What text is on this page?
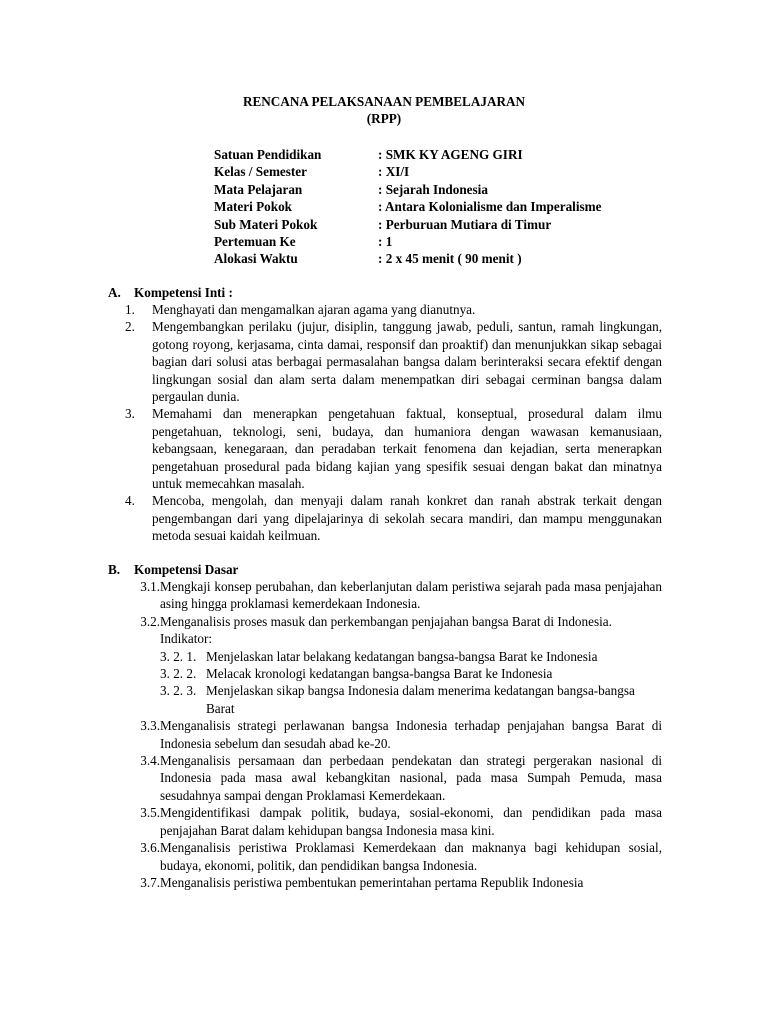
RENCANA PELAKSANAAN PEMBELAJARAN
(RPP)
Satuan Pendidikan	: SMK KY AGENG GIRI
Kelas / Semester	: XI/I
Mata Pelajaran	: Sejarah Indonesia
Materi Pokok	: Antara Kolonialisme dan Imperalisme
Sub Materi Pokok	: Perburuan Mutiara di Timur
Pertemuan Ke	: 1
Alokasi Waktu	: 2 x 45 menit ( 90 menit )
A. Kompetensi Inti :
1.	Menghayati dan mengamalkan ajaran agama yang dianutnya.
2.	Mengembangkan perilaku (jujur, disiplin, tanggung jawab, peduli, santun, ramah lingkungan, gotong royong, kerjasama, cinta damai, responsif dan proaktif) dan menunjukkan sikap sebagai bagian dari solusi atas berbagai permasalahan bangsa dalam berinteraksi secara efektif dengan lingkungan sosial dan alam serta dalam menempatkan diri sebagai cerminan bangsa dalam pergaulan dunia.
3.	Memahami dan menerapkan pengetahuan faktual, konseptual, prosedural dalam ilmu pengetahuan, teknologi, seni, budaya, dan humaniora dengan wawasan kemanusiaan, kebangsaan, kenegaraan, dan peradaban terkait fenomena dan kejadian, serta menerapkan pengetahuan prosedural pada bidang kajian yang spesifik sesuai dengan bakat dan minatnya untuk memecahkan masalah.
4.	Mencoba, mengolah, dan menyaji dalam ranah konkret dan ranah abstrak terkait dengan pengembangan dari yang dipelajarinya di sekolah secara mandiri, dan mampu menggunakan metoda sesuai kaidah keilmuan.
B.	Kompetensi Dasar
3.1. Mengkaji konsep perubahan, dan keberlanjutan dalam peristiwa sejarah pada masa penjajahan asing hingga proklamasi kemerdekaan Indonesia.
3.2. Menganalisis proses masuk dan perkembangan penjajahan bangsa Barat di Indonesia.
Indikator:
3. 2. 1. Menjelaskan latar belakang kedatangan bangsa-bangsa Barat ke Indonesia
3. 2. 2. Melacak kronologi kedatangan bangsa-bangsa Barat ke Indonesia
3. 2. 3. Menjelaskan sikap bangsa Indonesia dalam menerima kedatangan bangsa-bangsa Barat
3.3. Menganalisis strategi perlawanan bangsa Indonesia terhadap penjajahan bangsa Barat di Indonesia sebelum dan sesudah abad ke-20.
3.4. Menganalisis persamaan dan perbedaan pendekatan dan strategi pergerakan nasional di Indonesia pada masa awal kebangkitan nasional, pada masa Sumpah Pemuda, masa sesudahnya sampai dengan Proklamasi Kemerdekaan.
3.5. Mengidentifikasi dampak politik, budaya, sosial-ekonomi, dan pendidikan pada masa penjajahan Barat dalam kehidupan bangsa Indonesia masa kini.
3.6. Menganalisis peristiwa Proklamasi Kemerdekaan dan maknanya bagi kehidupan sosial, budaya, ekonomi, politik, dan pendidikan bangsa Indonesia.
3.7. Menganalisis peristiwa pembentukan pemerintahan pertama Republik Indonesia
